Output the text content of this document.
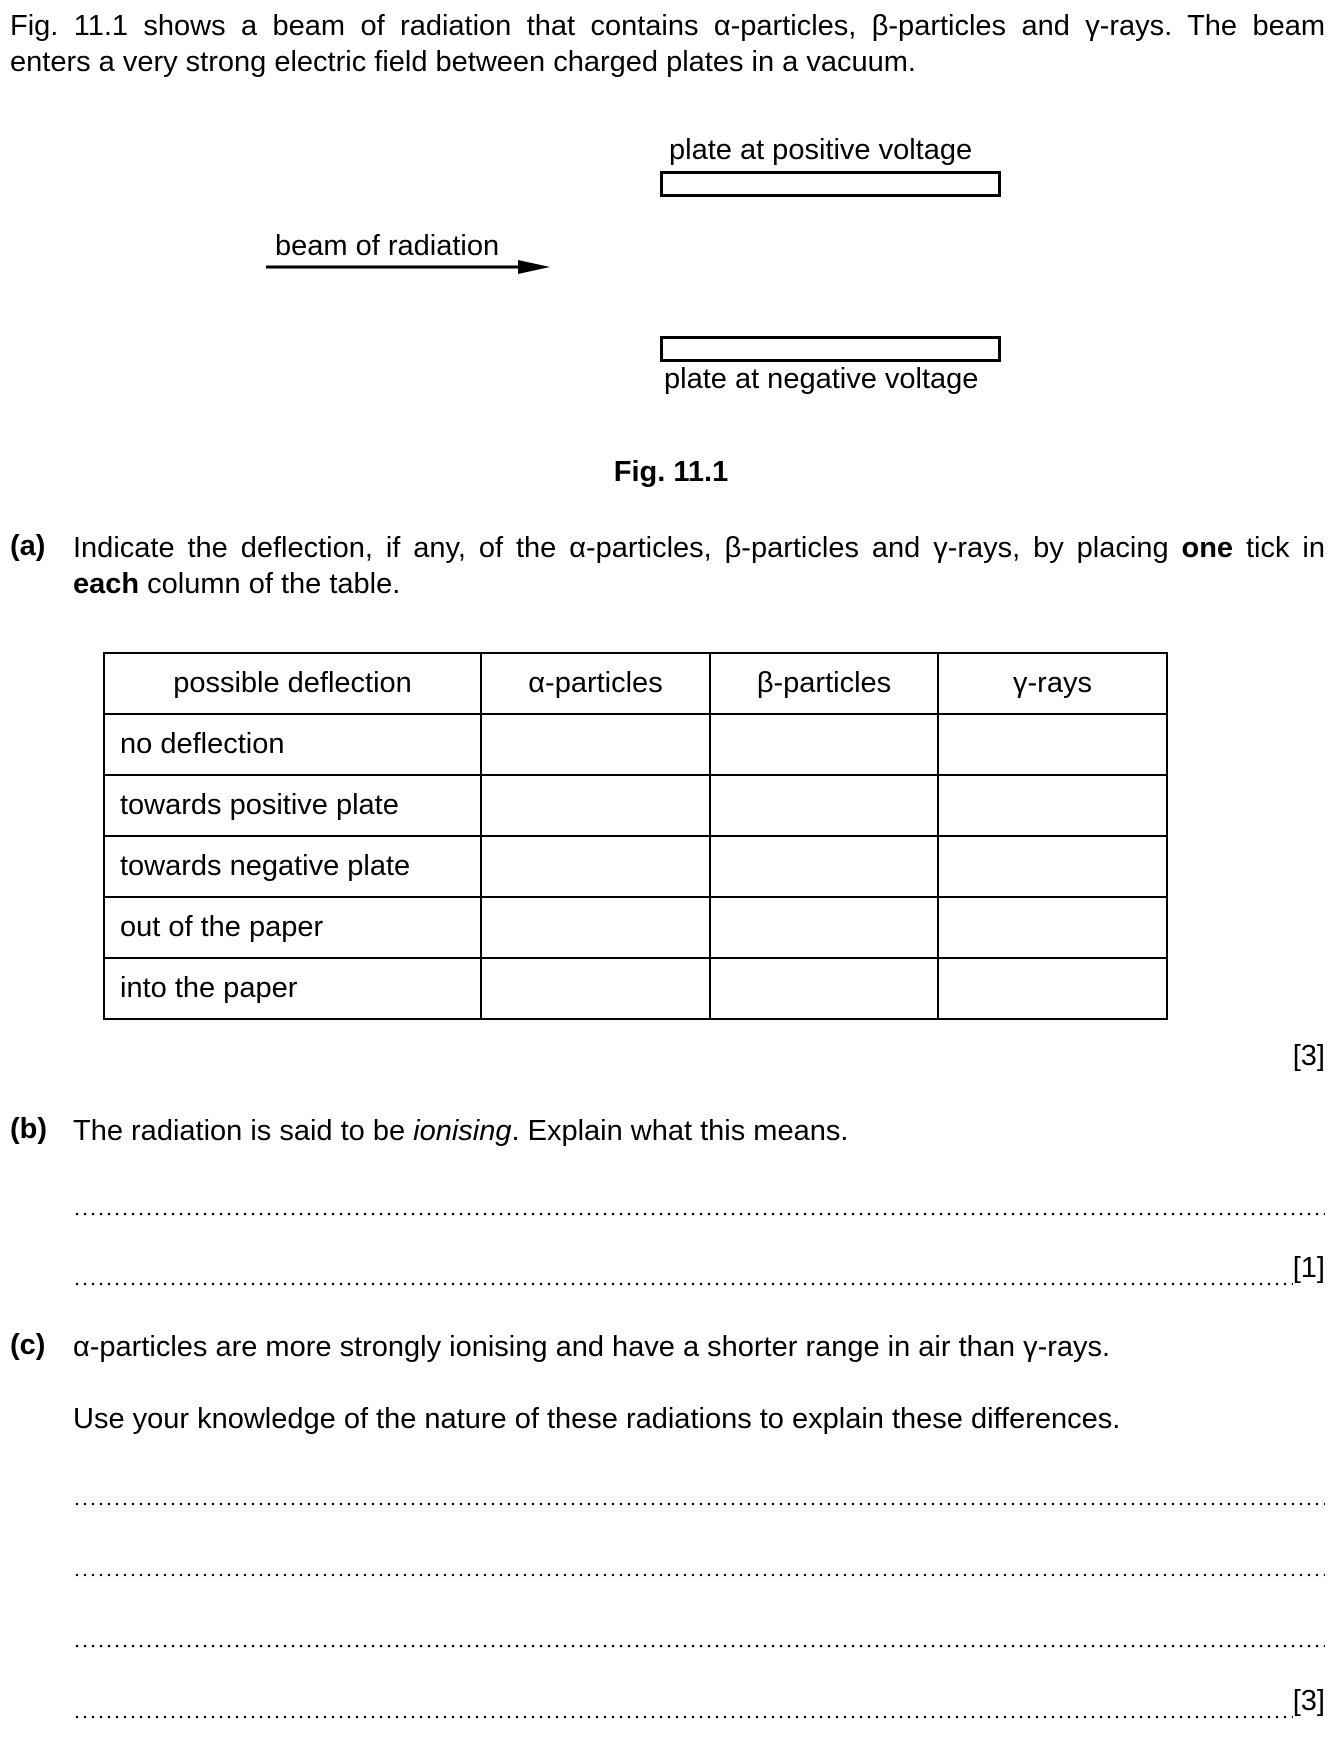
Fig. 11.1 shows a beam of radiation that contains α-particles, β-particles and γ-rays. The beam
enters a very strong electric field between charged plates in a vacuum.
plate at positive voltage
beam of radiation
plate at negative voltage
Fig. 11.1
(a) Indicate the deflection, if any, of the α-particles, β-particles and γ-rays, by placing one tick in
each column of the table.
possible deflection	α-particles	β-particles	γ-rays
no deflection			
towards positive plate			
towards negative plate			
out of the paper			
into the paper			
[3]
(b) The radiation is said to be ionising. Explain what this means.
[1]
(c) α-particles are more strongly ionising and have a shorter range in air than γ-rays.
Use your knowledge of the nature of these radiations to explain these differences.
[3]
